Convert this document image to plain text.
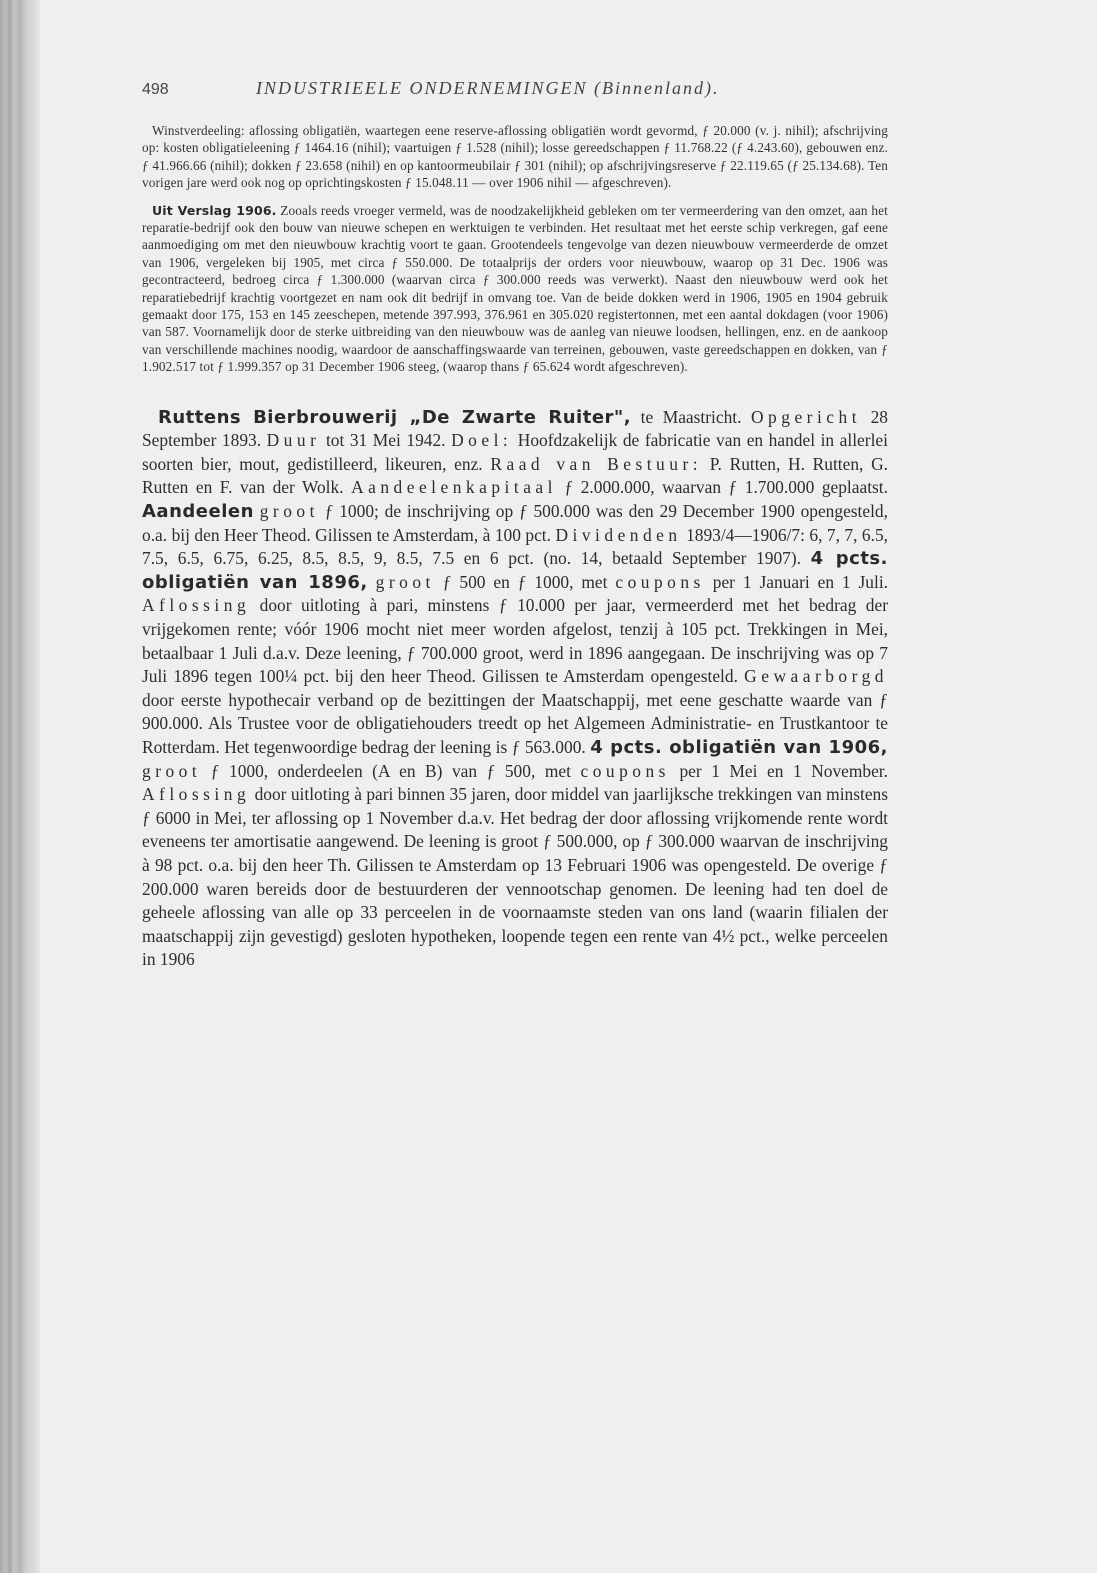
498	INDUSTRIEELE ONDERNEMINGEN (Binnenland).

Winstverdeeling: aflossing obligatiën, waartegen eene reserve-aflossing obligatiën wordt gevormd, ƒ 20.000 (v. j. nihil); afschrijving op: kosten obligatieleening ƒ 1464.16 (nihil); vaartuigen ƒ 1.528 (nihil); losse gereedschappen ƒ 11.768.22 (ƒ 4.243.60), gebouwen enz. ƒ 41.966.66 (nihil); dokken ƒ 23.658 (nihil) en op kantoormeubilair ƒ 301 (nihil); op afschrijvingsreserve ƒ 22.119.65 (ƒ 25.134.68). Ten vorigen jare werd ook nog op oprichtingskosten ƒ 15.048.11 — over 1906 nihil — afgeschreven).

Uit Verslag 1906. Zooals reeds vroeger vermeld, was de noodzakelijkheid gebleken om ter vermeerdering van den omzet, aan het reparatie-bedrijf ook den bouw van nieuwe schepen en werktuigen te verbinden. Het resultaat met het eerste schip verkregen, gaf eene aanmoediging om met den nieuwbouw krachtig voort te gaan. Grootendeels tengevolge van dezen nieuwbouw vermeerderde de omzet van 1906, vergeleken bij 1905, met circa ƒ 550.000. De totaalprijs der orders voor nieuwbouw, waarop op 31 Dec. 1906 was gecontracteerd, bedroeg circa ƒ 1.300.000 (waarvan circa ƒ 300.000 reeds was verwerkt). Naast den nieuwbouw werd ook het reparatiebedrijf krachtig voortgezet en nam ook dit bedrijf in omvang toe. Van de beide dokken werd in 1906, 1905 en 1904 gebruik gemaakt door 175, 153 en 145 zeeschepen, metende 397.993, 376.961 en 305.020 registertonnen, met een aantal dokdagen (voor 1906) van 587. Voornamelijk door de sterke uitbreiding van den nieuwbouw was de aanleg van nieuwe loodsen, hellingen, enz. en de aankoop van verschillende machines noodig, waardoor de aanschaffingswaarde van terreinen, gebouwen, vaste gereedschappen en dokken, van ƒ 1.902.517 tot ƒ 1.999.357 op 31 December 1906 steeg, (waarop thans ƒ 65.624 wordt afgeschreven).

Ruttens Bierbrouwerij „De Zwarte Ruiter", te Maastricht. Opgericht 28 September 1893. Duur tot 31 Mei 1942. Doel: Hoofdzakelijk de fabricatie van en handel in allerlei soorten bier, mout, gedistilleerd, likeuren, enz. Raad van Bestuur: P. Rutten, H. Rutten, G. Rutten en F. van der Wolk. Aandeelenkapitaal ƒ 2.000.000, waarvan ƒ 1.700.000 geplaatst. Aandeelen groot ƒ 1000; de inschrijving op ƒ 500.000 was den 29 December 1900 opengesteld, o.a. bij den Heer Theod. Gilissen te Amsterdam, à 100 pct. Dividenden 1893/4—1906/7: 6, 7, 7, 6.5, 7.5, 6.5, 6.75, 6.25, 8.5, 8.5, 9, 8.5, 7.5 en 6 pct. (no. 14, betaald September 1907). 4 pcts. obligatiën van 1896, groot ƒ 500 en ƒ 1000, met coupons per 1 Januari en 1 Juli. Aflossing door uitloting à pari, minstens ƒ 10.000 per jaar, vermeerderd met het bedrag der vrijgekomen rente; vóór 1906 mocht niet meer worden afgelost, tenzij à 105 pct. Trekkingen in Mei, betaalbaar 1 Juli d.a.v. Deze leening, ƒ 700.000 groot, werd in 1896 aangegaan. De inschrijving was op 7 Juli 1896 tegen 100¼ pct. bij den heer Theod. Gilissen te Amsterdam opengesteld. Gewaarborgd door eerste hypothecair verband op de bezittingen der Maatschappij, met eene geschatte waarde van ƒ 900.000. Als Trustee voor de obligatiehouders treedt op het Algemeen Administratie- en Trustkantoor te Rotterdam. Het tegenwoordige bedrag der leening is ƒ 563.000. 4 pcts. obligatiën van 1906, groot ƒ 1000, onderdeelen (A en B) van ƒ 500, met coupons per 1 Mei en 1 November. Aflossing door uitloting à pari binnen 35 jaren, door middel van jaarlijksche trekkingen van minstens ƒ 6000 in Mei, ter aflossing op 1 November d.a.v. Het bedrag der door aflossing vrijkomende rente wordt eveneens ter amortisatie aangewend. De leening is groot ƒ 500.000, op ƒ 300.000 waarvan de inschrijving à 98 pct. o.a. bij den heer Th. Gilissen te Amsterdam op 13 Februari 1906 was opengesteld. De overige ƒ 200.000 waren bereids door de bestuurderen der vennootschap genomen. De leening had ten doel de geheele aflossing van alle op 33 perceelen in de voornaamste steden van ons land (waarin filialen der maatschappij zijn gevestigd) gesloten hypotheken, loopende tegen een rente van 4½ pct., welke perceelen in 1906
